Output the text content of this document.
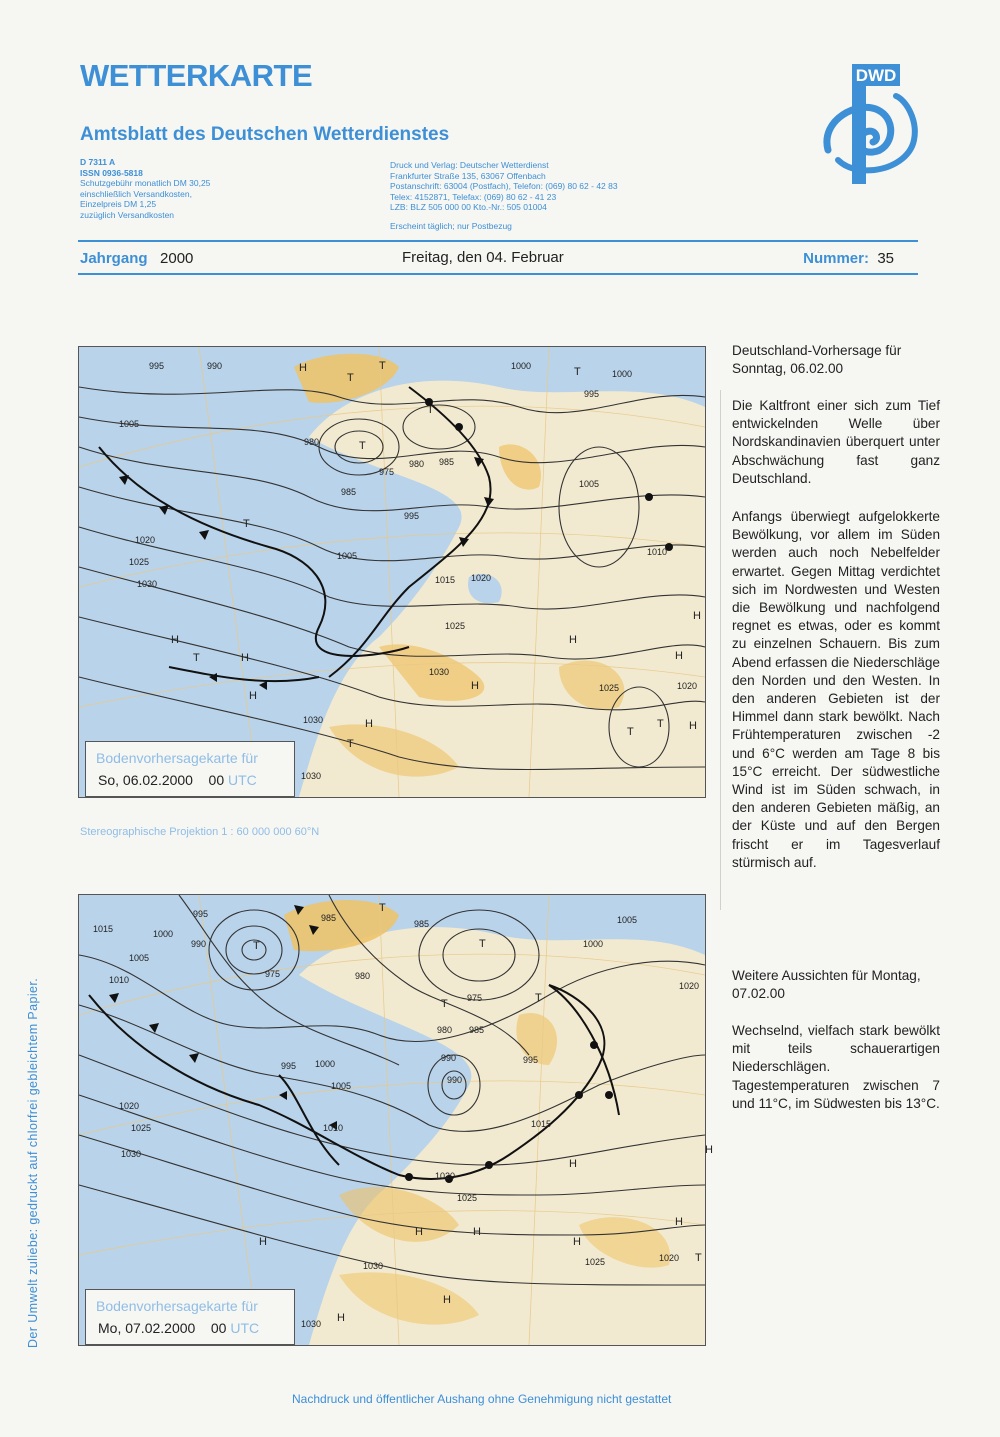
WETTERKARTE
Amtsblatt des Deutschen Wetterdienstes
D 7311 A
ISSN 0936-5818
Schutzgebühr monatlich DM 30,25
einschließlich Versandkosten,
Einzelpreis DM 1,25
zuzüglich Versandkosten
Druck und Verlag: Deutscher Wetterdienst
Frankfurter Straße 135, 63067 Offenbach
Postanschrift: 63004 (Postfach), Telefon: (069) 80 62 - 42 83
Telex: 4152871, Telefax: (069) 80 62 - 41 23
LZB: BLZ 505 000 00 Kto.-Nr.: 505 01004
Erscheint täglich; nur Postbezug
DWD
Jahrgang 2000	Freitag, den 04. Februar	Nummer: 35
995	990	1000
1005
980
975
980 985
985
995
1005
1020
1025
1030	1015 1020
1025
1030
1000
995
1005
1010
1025	1020
1030
1030
H
T
T
T
T
H
T	H
H
H
H
T
H
T
H
H
T
T H
T
Bodenvorhersagekarte für
So, 06.02.2000 00 UTC
Stereographische Projektion 1 : 60 000 000 60°N
995	985
1015	1000
990
1005
1010
975	980
985
975
980 985
990
990
995 1000
1005
1010
1020
1025
1030
1015
1020
1025
1030	1025
1030
1020
1005
1000
1020
995
T
T
T
T	T
H
H	H
H
H
H
H
H
T
H
Bodenvorhersagekarte für
Mo, 07.02.2000 00 UTC
Deutschland-Vorhersage für Sonntag, 06.02.00
Die Kaltfront einer sich zum Tief entwickelnden Welle über Nordskandinavien überquert unter Abschwächung fast ganz Deutschland.
Anfangs überwiegt aufgelokkerte Bewölkung, vor allem im Süden werden auch noch Nebelfelder erwartet. Gegen Mittag verdichtet sich im Nordwesten und Westen die Bewölkung und nachfolgend regnet es etwas, oder es kommt zu einzelnen Schauern. Bis zum Abend erfassen die Niederschläge den Norden und den Westen. In den anderen Gebieten ist der Himmel dann stark bewölkt. Nach Frühtemperaturen zwischen -2 und 6°C werden am Tage 8 bis 15°C erreicht. Der südwestliche Wind ist im Süden schwach, in den anderen Gebieten mäßig, an der Küste und auf den Bergen frischt er im Tagesverlauf stürmisch auf.
Weitere Aussichten für Montag, 07.02.00
Wechselnd, vielfach stark bewölkt mit teils schauerartigen Niederschlägen. Tagestemperaturen zwischen 7 und 11°C, im Südwesten bis 13°C.
Der Umwelt zuliebe: gedruckt auf chlorfrei gebleichtem Papier.
Nachdruck und öffentlicher Aushang ohne Genehmigung nicht gestattet
